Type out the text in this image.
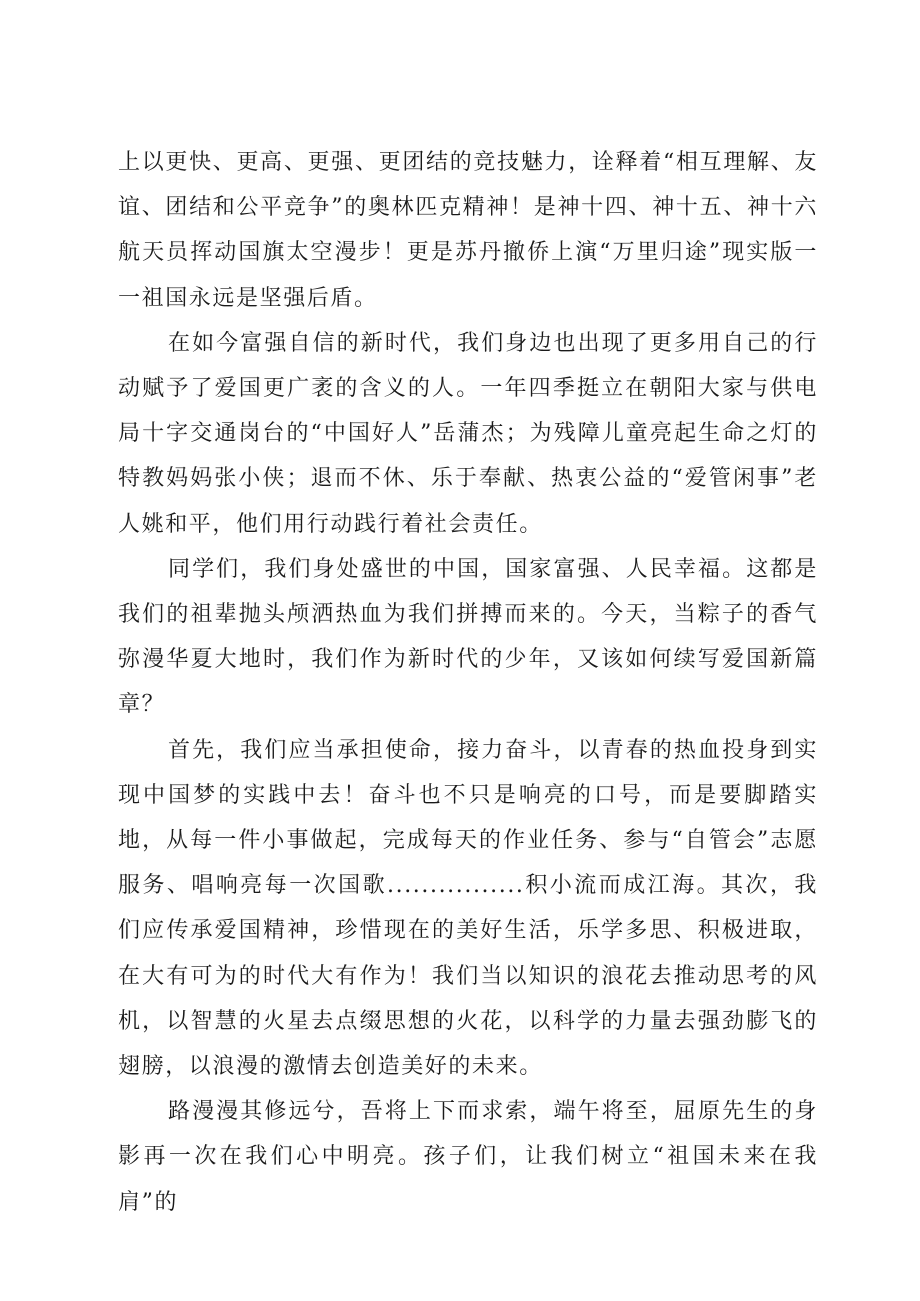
上以更快、更高、更强、更团结的竞技魅力，诠释着“相互理解、友谊、团结和公平竞争”的奥林匹克精神！是神十四、神十五、神十六航天员挥动国旗太空漫步！更是苏丹撤侨上演“万里归途”现实版一一祖国永远是坚强后盾。

在如今富强自信的新时代，我们身边也出现了更多用自己的行动赋予了爱国更广袤的含义的人。一年四季挺立在朝阳大家与供电局十字交通岗台的“中国好人”岳蒲杰；为残障儿童亮起生命之灯的特教妈妈张小侠；退而不休、乐于奉献、热衷公益的“爱管闲事”老人姚和平，他们用行动践行着社会责任。

同学们，我们身处盛世的中国，国家富强、人民幸福。这都是我们的祖辈抛头颅洒热血为我们拼搏而来的。今天，当粽子的香气弥漫华夏大地时，我们作为新时代的少年，又该如何续写爱国新篇章？

首先，我们应当承担使命，接力奋斗，以青春的热血投身到实现中国梦的实践中去！奋斗也不只是响亮的口号，而是要脚踏实地，从每一件小事做起，完成每天的作业任务、参与“自管会”志愿服务、唱响亮每一次国歌................积小流而成江海。其次，我们应传承爱国精神，珍惜现在的美好生活，乐学多思、积极进取，在大有可为的时代大有作为！我们当以知识的浪花去推动思考的风机，以智慧的火星去点缀思想的火花，以科学的力量去强劲膨飞的翅膀，以浪漫的激情去创造美好的未来。

路漫漫其修远兮，吾将上下而求索，端午将至，屈原先生的身影再一次在我们心中明亮。孩子们，让我们树立“祖国未来在我肩”的
